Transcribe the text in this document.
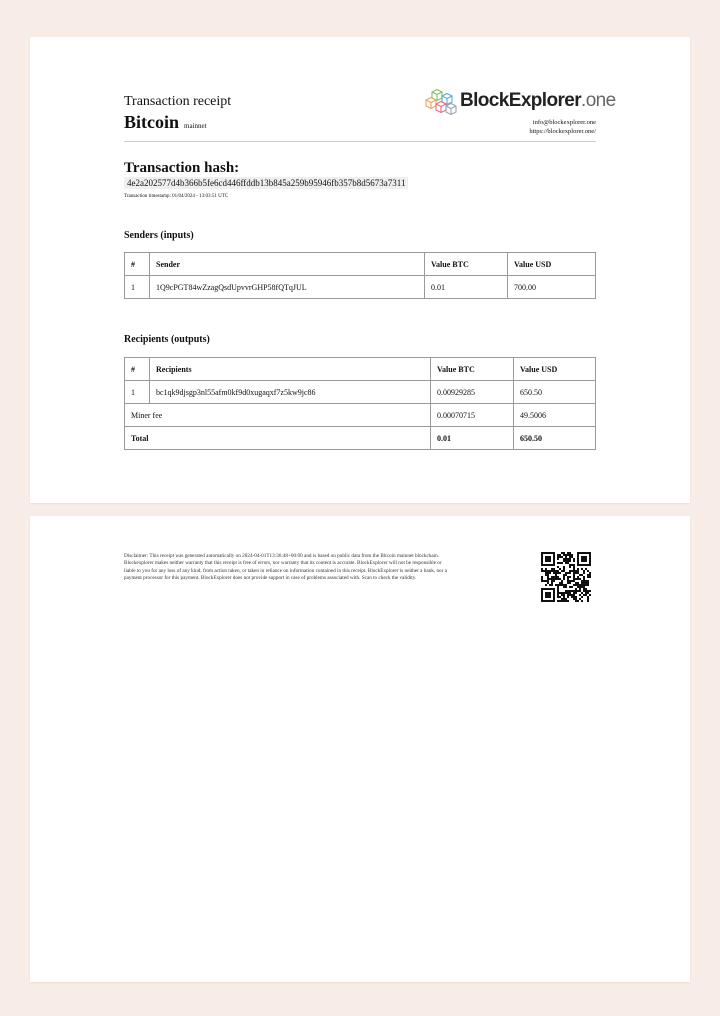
Transaction receipt
Bitcoin mainnet
BlockExplorer.one
info@blockexplorer.one
https://blockexplorer.one/
Transaction hash:
4e2a202577d4b366b5fe6cd446ffddb13b845a259b95946fb357b8d5673a7311
Transaction timestamp: 01/04/2024 - 13:03:51 UTC
Senders (inputs)
#	Sender	Value BTC	Value USD
1	1Q9cPGT84wZzagQsdUpvvrGHP58fQTqJUL	0.01	700.00
Recipients (outputs)
#	Recipients	Value BTC	Value USD
1	bc1qk9djsgp3nl55afm0kf9d0xugaqxf7z5kw9jc86	0.00929285	650.50
Miner fee		0.00070715	49.5006
Total		0.01	650.50
Disclaimer: This receipt was generated automatically on 2024-04-01T13:36:48+00:00 and is based on public data from the Bitcoin mainnet blockchain. Blockexplorer makes neither warranty that this receipt is free of errors, nor warranty that its content is accurate. BlockExplorer will not be responsible or liable to you for any loss of any kind, from action taken, or taken in reliance on information contained in this receipt. BlockExplorer is neither a bank, nor a payment processor for this payment. BlockExplorer does not provide support in case of problems associated with. Scan to check the validity.
